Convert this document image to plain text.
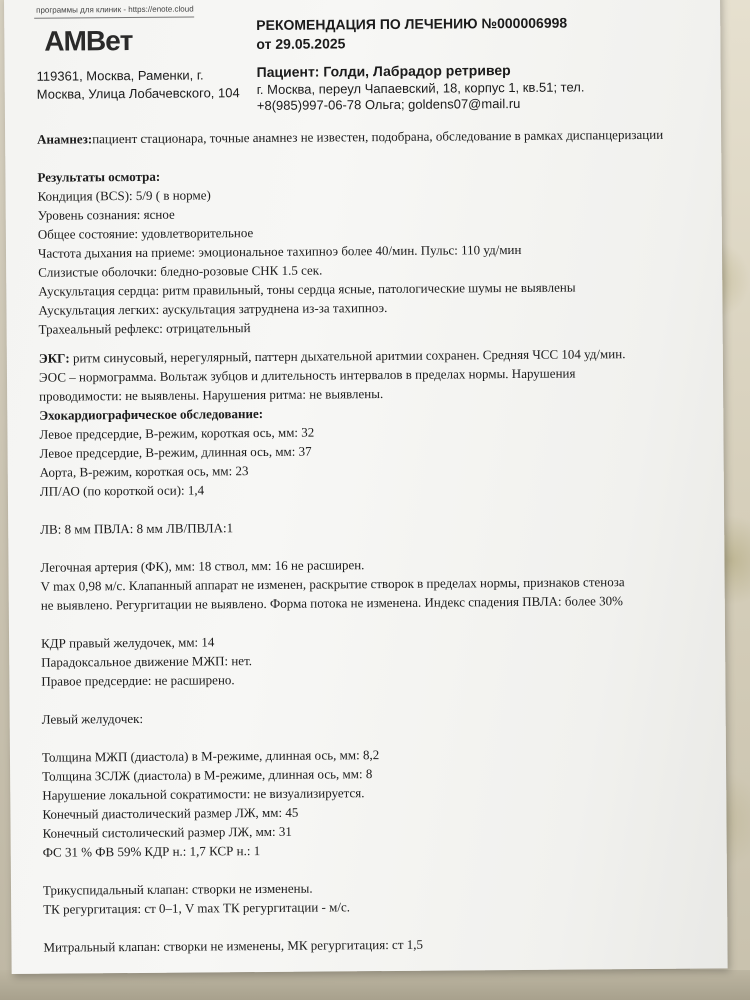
программы для клиник - https://enote.cloud
AMBeт
119361, Москва, Раменки, г.
Москва, Улица Лобачевского, 104
РЕКОМЕНДАЦИЯ ПО ЛЕЧЕНИЮ №000006998
от 29.05.2025
Пациент: Голди, Лабрадор ретривер
г. Москва, переул Чапаевский, 18, корпус 1, кв.51; тел.
+8(985)997-06-78 Ольга; goldens07@mail.ru
Анамнез:пациент стационара, точные анамнез не известен, подобрана, обследование в рамках диспанцеризации
Результаты осмотра:
Кондиция (BCS): 5/9 ( в норме)
Уровень сознания: ясное
Общее состояние: удовлетворительное
Частота дыхания на приеме: эмоциональное тахипноэ более 40/мин. Пульс: 110 уд/мин
Слизистые оболочки: бледно-розовые СНК 1.5 сек.
Аускультация сердца: ритм правильный, тоны сердца ясные, патологические шумы не выявлены
Аускультация легких: аускультация затруднена из-за тахипноэ.
Трахеальный рефлекс: отрицательный
ЭКГ: ритм синусовый, нерегулярный, паттерн дыхательной аритмии сохранен. Средняя ЧСС 104 уд/мин.
ЭОС – нормограмма. Вольтаж зубцов и длительность интервалов в пределах нормы. Нарушения
проводимости: не выявлены. Нарушения ритма: не выявлены.
Эхокардиографическое обследование:
Левое предсердие, В-режим, короткая ось, мм: 32
Левое предсердие, В-режим, длинная ось, мм: 37
Аорта, В-режим, короткая ось, мм: 23
ЛП/АО (по короткой оси): 1,4
ЛВ: 8 мм ПВЛА: 8 мм ЛВ/ПВЛА:1
Легочная артерия (ФК), мм: 18 ствол, мм: 16 не расширен.
V max 0,98 м/с. Клапанный аппарат не изменен, раскрытие створок в пределах нормы, признаков стеноза
не выявлено. Регургитации не выявлено. Форма потока не изменена. Индекс спадения ПВЛА: более 30%
КДР правый желудочек, мм: 14
Парадоксальное движение МЖП: нет.
Правое предсердие: не расширено.
Левый желудочек:
Толщина МЖП (диастола) в М-режиме, длинная ось, мм: 8,2
Толщина ЗСЛЖ (диастола) в М-режиме, длинная ось, мм: 8
Нарушение локальной сократимости: не визуализируется.
Конечный диастолический размер ЛЖ, мм: 45
Конечный систолический размер ЛЖ, мм: 31
ФС 31 % ФВ 59% КДР н.: 1,7 КСР н.: 1
Трикуспидальный клапан: створки не изменены.
ТК регургитация: ст 0–1, V max ТК регургитации - м/с.
Митральный клапан: створки не изменены, МК регургитация: ст 1,5
